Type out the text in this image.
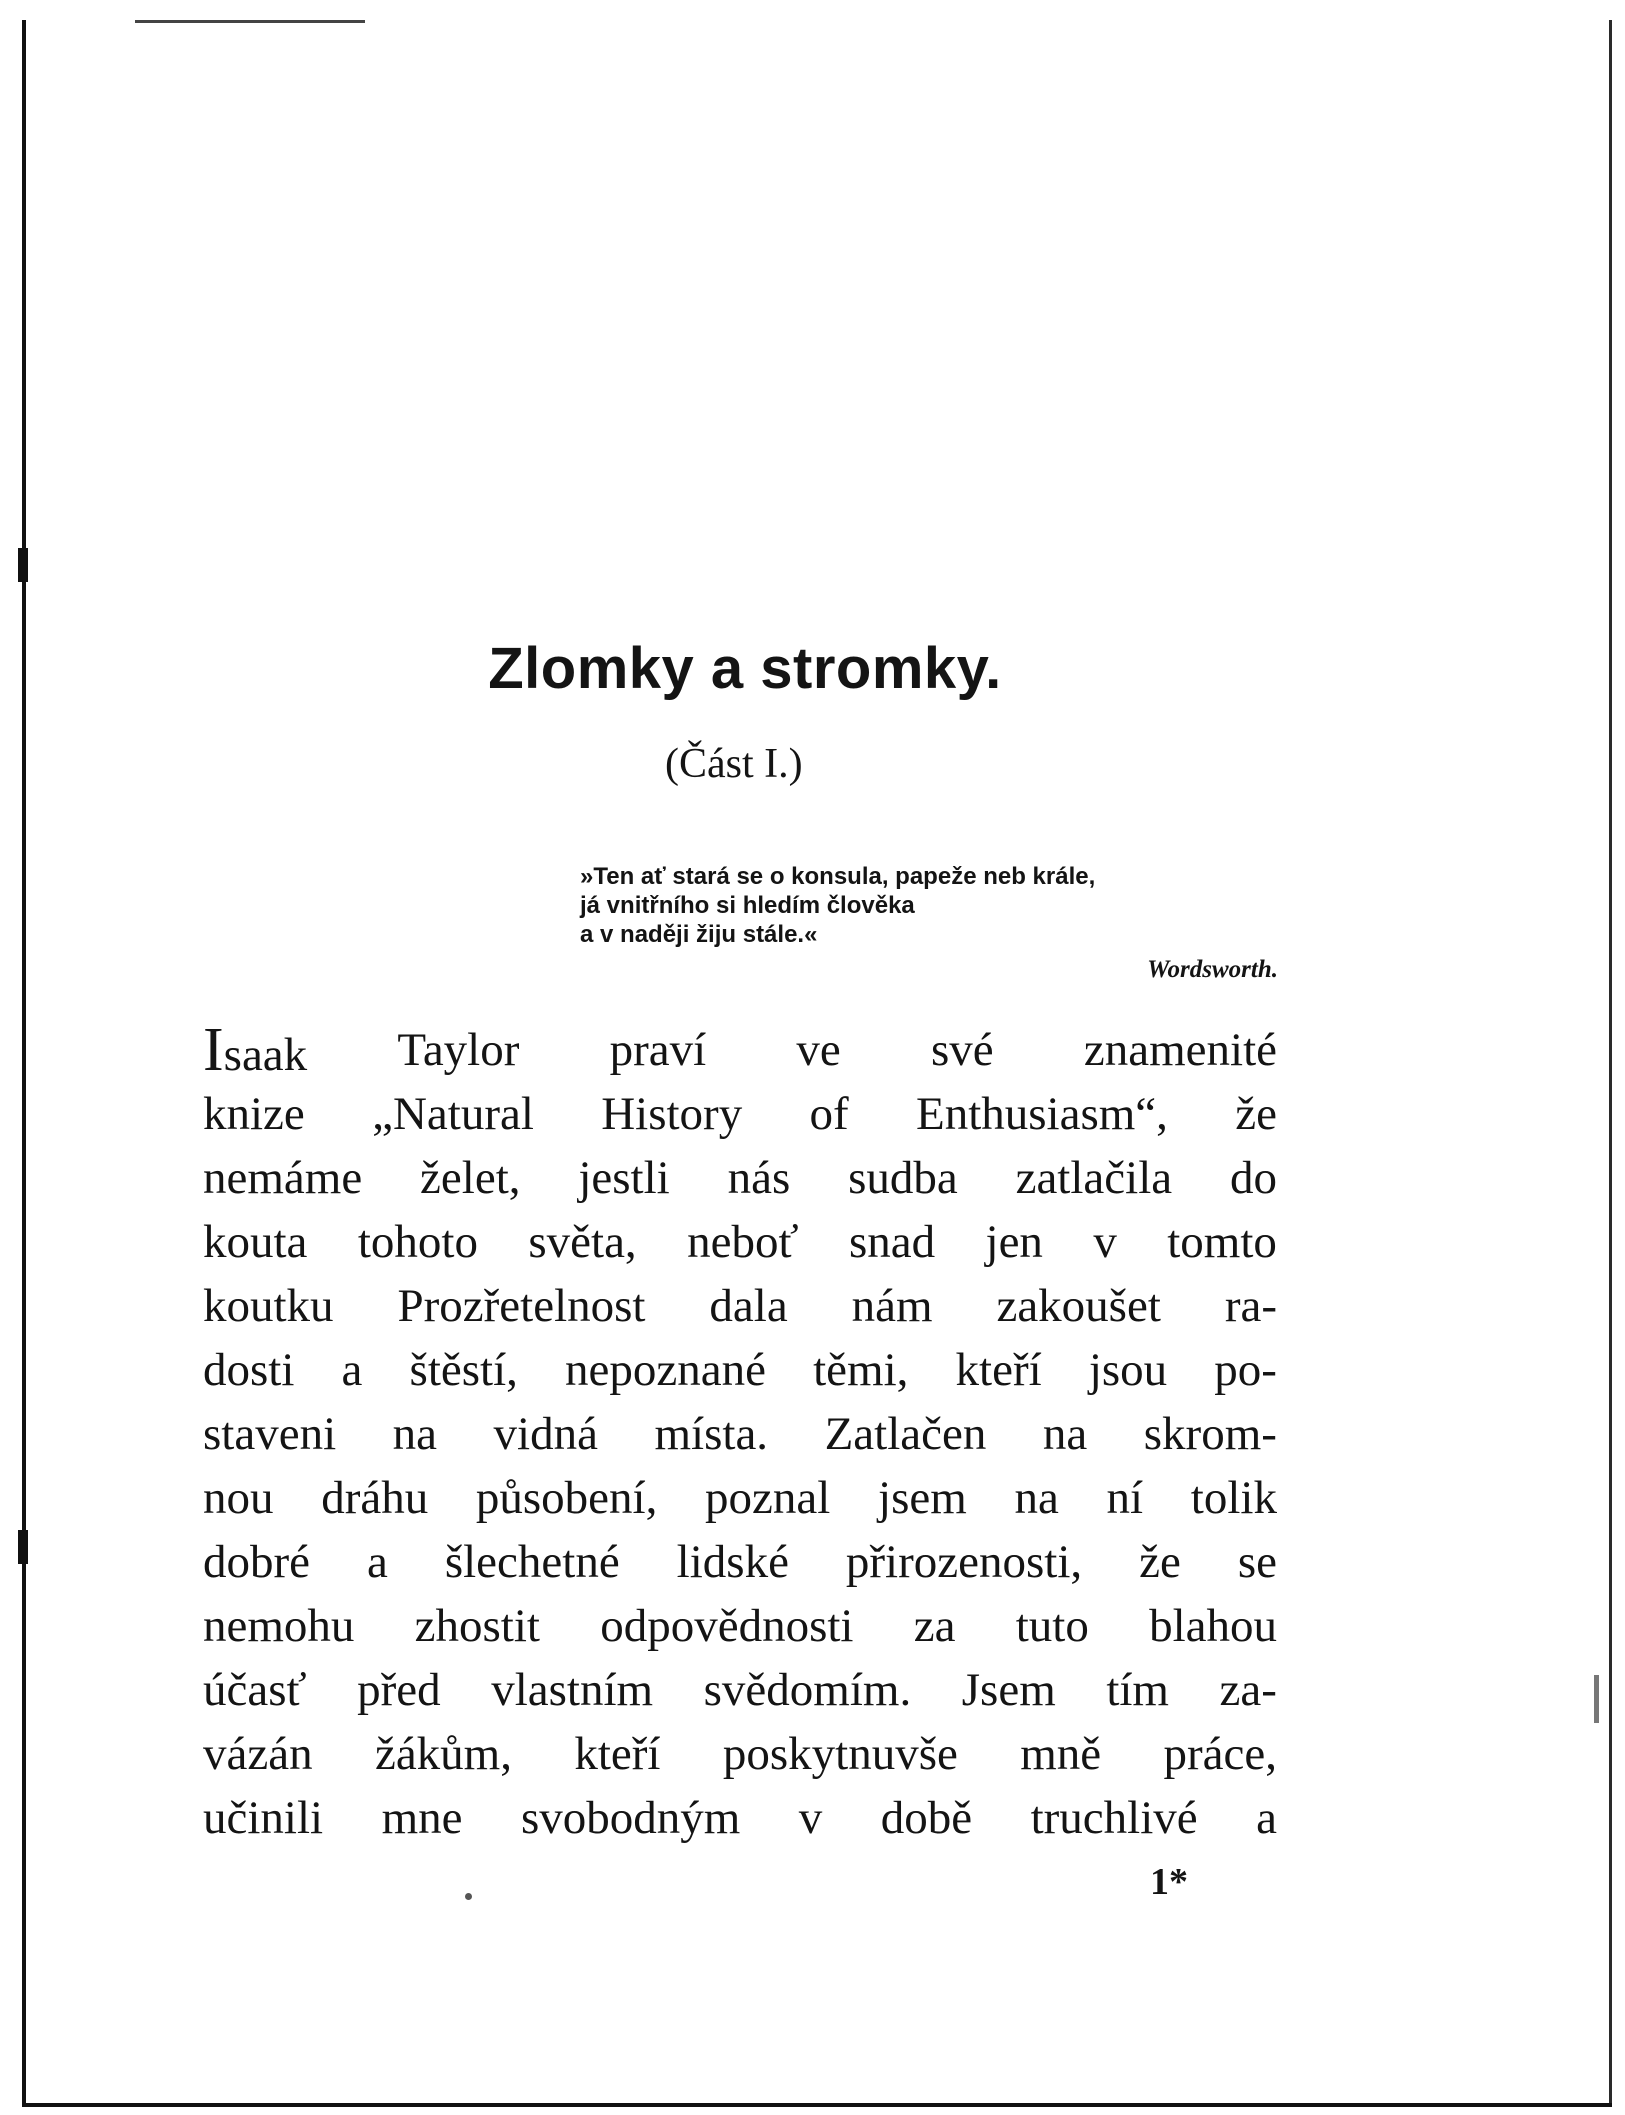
Zlomky a stromky.
(Část I.)
»Ten ať stará se o konsula, papeže neb krále,
já vnitřního si hledím člověka
a v naději žiju stále.«
Wordsworth.
Isaak Taylor praví ve své znamenité
knize „Natural History of Enthusiasm“, že
nemáme želet, jestli nás sudba zatlačila do
kouta tohoto světa, neboť snad jen v tomto
koutku Prozřetelnost dala nám zakoušet ra-
dosti a štěstí, nepoznané těmi, kteří jsou po-
staveni na vidná místa. Zatlačen na skrom-
nou dráhu působení, poznal jsem na ní tolik
dobré a šlechetné lidské přirozenosti, že se
nemohu zhostit odpovědnosti za tuto blahou
účasť před vlastním svědomím. Jsem tím za-
vázán žákům, kteří poskytnuvše mně práce,
učinili mne svobodným v době truchlivé a
1*
